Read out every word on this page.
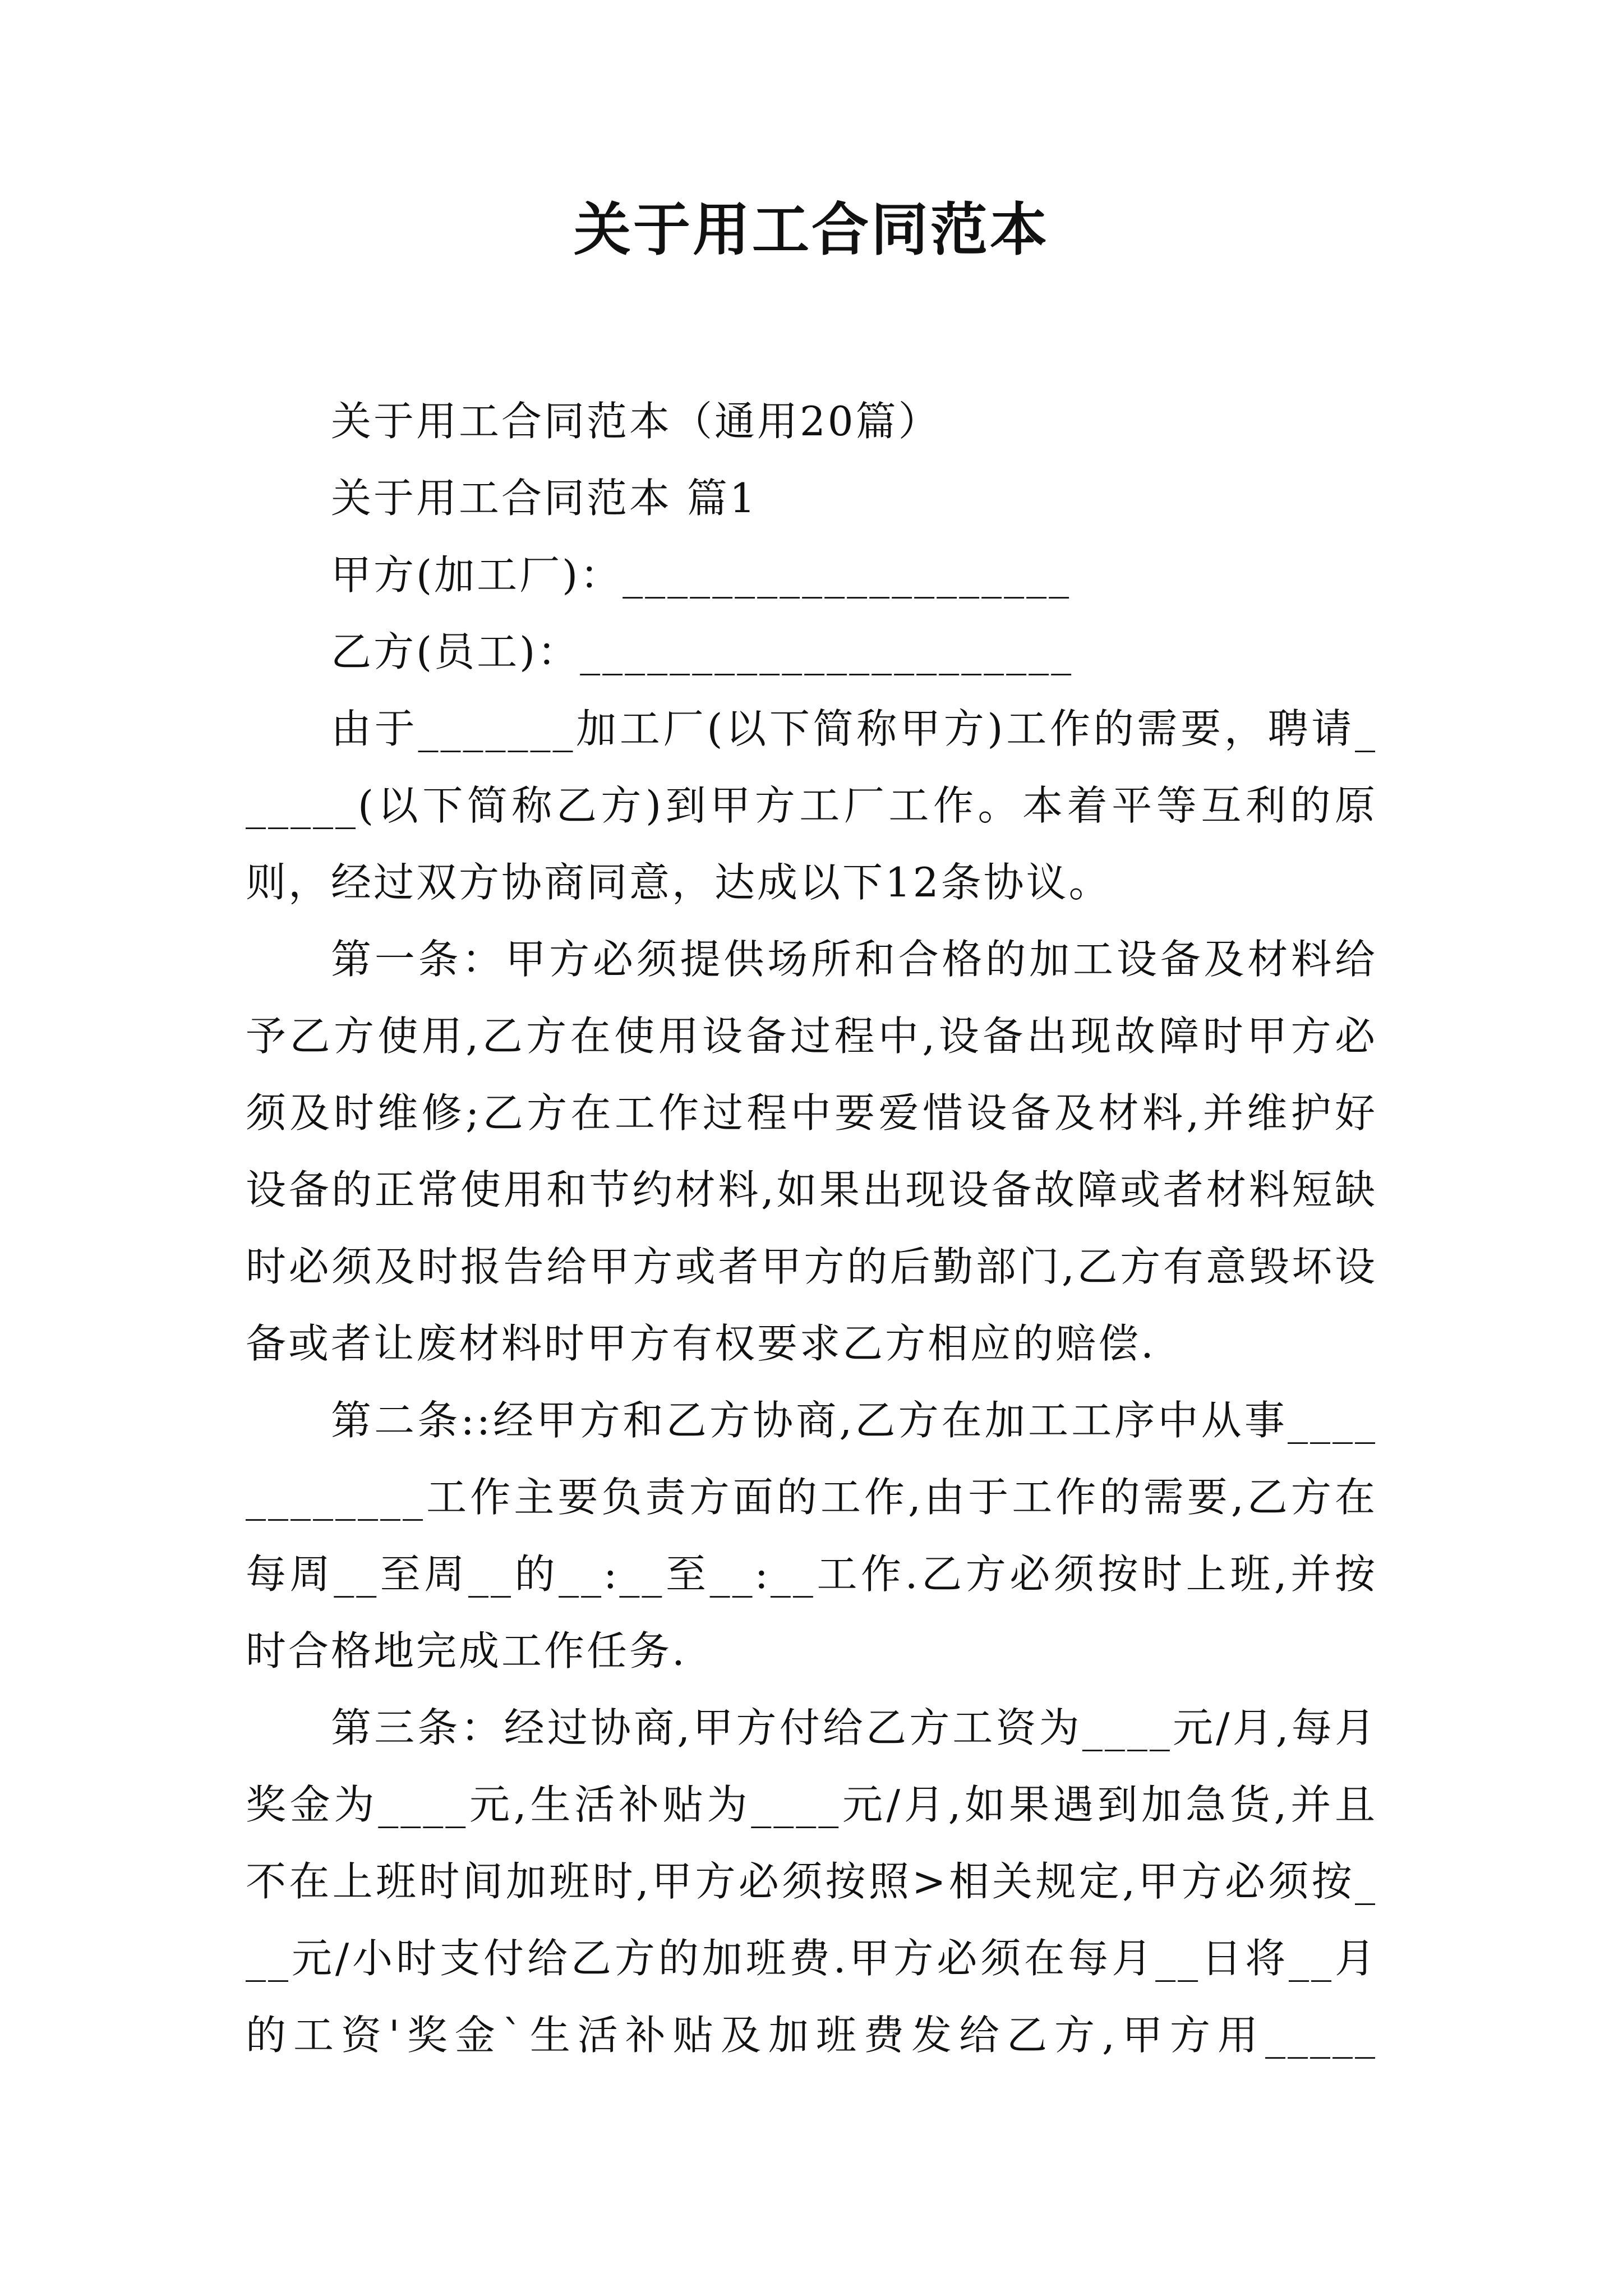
关于用工合同范本

关于用工合同范本（通用20篇）

关于用工合同范本 篇1

甲方(加工厂)：____________________

乙方(员工)：______________________

由于_______加工厂(以下简称甲方)工作的需要，聘请______(以下简称乙方)到甲方工厂工作。本着平等互利的原则，经过双方协商同意，达成以下12条协议。

第一条：甲方必须提供场所和合格的加工设备及材料给予乙方使用,乙方在使用设备过程中,设备出现故障时甲方必须及时维修;乙方在工作过程中要爱惜设备及材料,并维护好设备的正常使用和节约材料,如果出现设备故障或者材料短缺时必须及时报告给甲方或者甲方的后勤部门,乙方有意毁坏设备或者让废材料时甲方有权要求乙方相应的赔偿.

第二条::经甲方和乙方协商,乙方在加工工序中从事____________工作主要负责方面的工作,由于工作的需要,乙方在每周__至周__的__:__至__:__工作.乙方必须按时上班,并按时合格地完成工作任务.

第三条：经过协商,甲方付给乙方工资为____元/月,每月奖金为____元,生活补贴为____元/月,如果遇到加急货,并且不在上班时间加班时,甲方必须按照>相关规定,甲方必须按___元/小时支付给乙方的加班费.甲方必须在每月__日将__月的工资'奖金`生活补贴及加班费发给乙方,甲方用_____
